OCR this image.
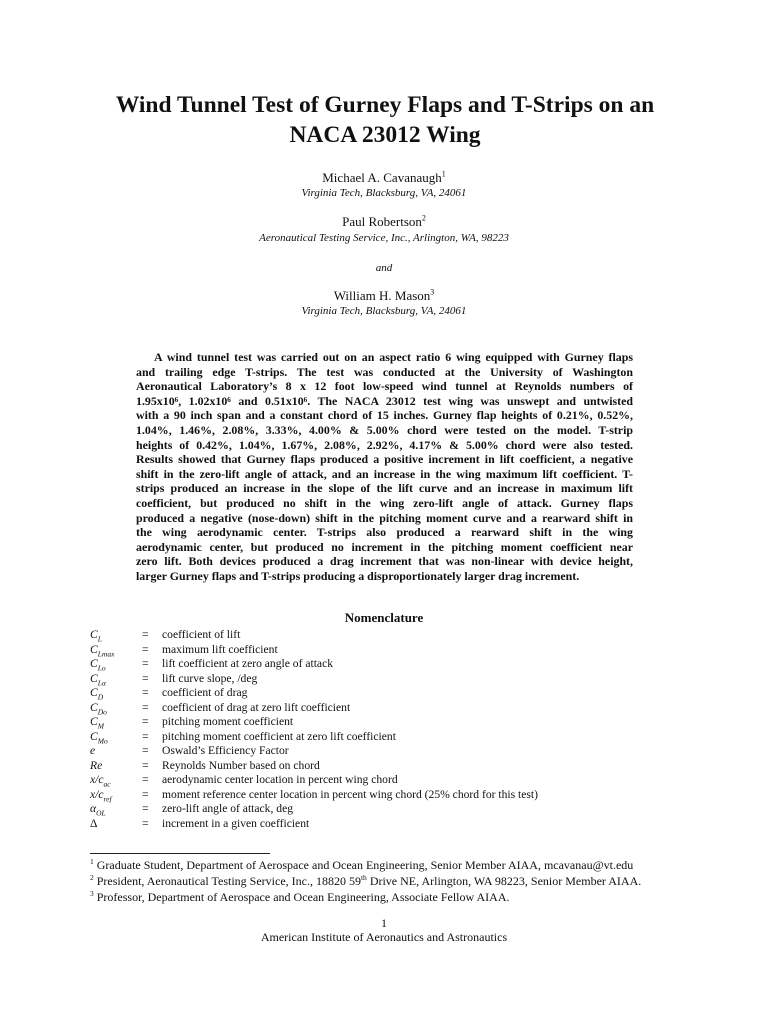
Wind Tunnel Test of Gurney Flaps and T-Strips on an
NACA 23012 Wing
Michael A. Cavanaugh$^1$
Virginia Tech, Blacksburg, VA, 24061
Paul Robertson$^2$
Aeronautical Testing Service, Inc., Arlington, WA, 98223
and
William H. Mason$^3$
Virginia Tech, Blacksburg, VA, 24061
A wind tunnel test was carried out on an aspect ratio 6 wing equipped with Gurney flaps
and trailing edge T-strips. The test was conducted at the University of Washington
Aeronautical Laboratory’s 8 x 12 foot low-speed wind tunnel at Reynolds numbers of
1.95x10⁶, 1.02x10⁶ and 0.51x10⁶. The NACA 23012 test wing was unswept and untwisted
with a 90 inch span and a constant chord of 15 inches. Gurney flap heights of 0.21%, 0.52%,
1.04%, 1.46%, 2.08%, 3.33%, 4.00% & 5.00% chord were tested on the model. T-strip
heights of 0.42%, 1.04%, 1.67%, 2.08%, 2.92%, 4.17% & 5.00% chord were also tested.
Results showed that Gurney flaps produced a positive increment in lift coefficient, a negative
shift in the zero-lift angle of attack, and an increase in the wing maximum lift coefficient. T-
strips produced an increase in the slope of the lift curve and an increase in maximum lift
coefficient, but produced no shift in the wing zero-lift angle of attack. Gurney flaps
produced a negative (nose-down) shift in the pitching moment curve and a rearward shift in
the wing aerodynamic center. T-strips also produced a rearward shift in the wing
aerodynamic center, but produced no increment in the pitching moment coefficient near
zero lift. Both devices produced a drag increment that was non-linear with device height,
larger Gurney flaps and T-strips producing a disproportionately larger drag increment.
Nomenclature
$C_L$	= coefficient of lift
$C_{Lmax}$ = maximum lift coefficient
$C_{Lo}$	= lift coefficient at zero angle of attack
$C_{L\alpha}$	= lift curve slope, /deg
$C_D$	= coefficient of drag
$C_{Do}$	= coefficient of drag at zero lift coefficient
$C_M$	= pitching moment coefficient
$C_{Mo}$	= pitching moment coefficient at zero lift coefficient
e	= Oswald’s Efficiency Factor
Re	= Reynolds Number based on chord
$x/c_{ac}$	= aerodynamic center location in percent wing chord
$x/c_{ref}$	= moment reference center location in percent wing chord (25% chord for this test)
$\alpha_{OL}$	= zero-lift angle of attack, deg
Δ	= increment in a given coefficient
$^1$ Graduate Student, Department of Aerospace and Ocean Engineering, Senior Member AIAA, mcavanau@vt.edu
$^2$ President, Aeronautical Testing Service, Inc., 18820 59th Drive NE, Arlington, WA 98223, Senior Member AIAA.
$^3$ Professor, Department of Aerospace and Ocean Engineering, Associate Fellow AIAA.
1
American Institute of Aeronautics and Astronautics
